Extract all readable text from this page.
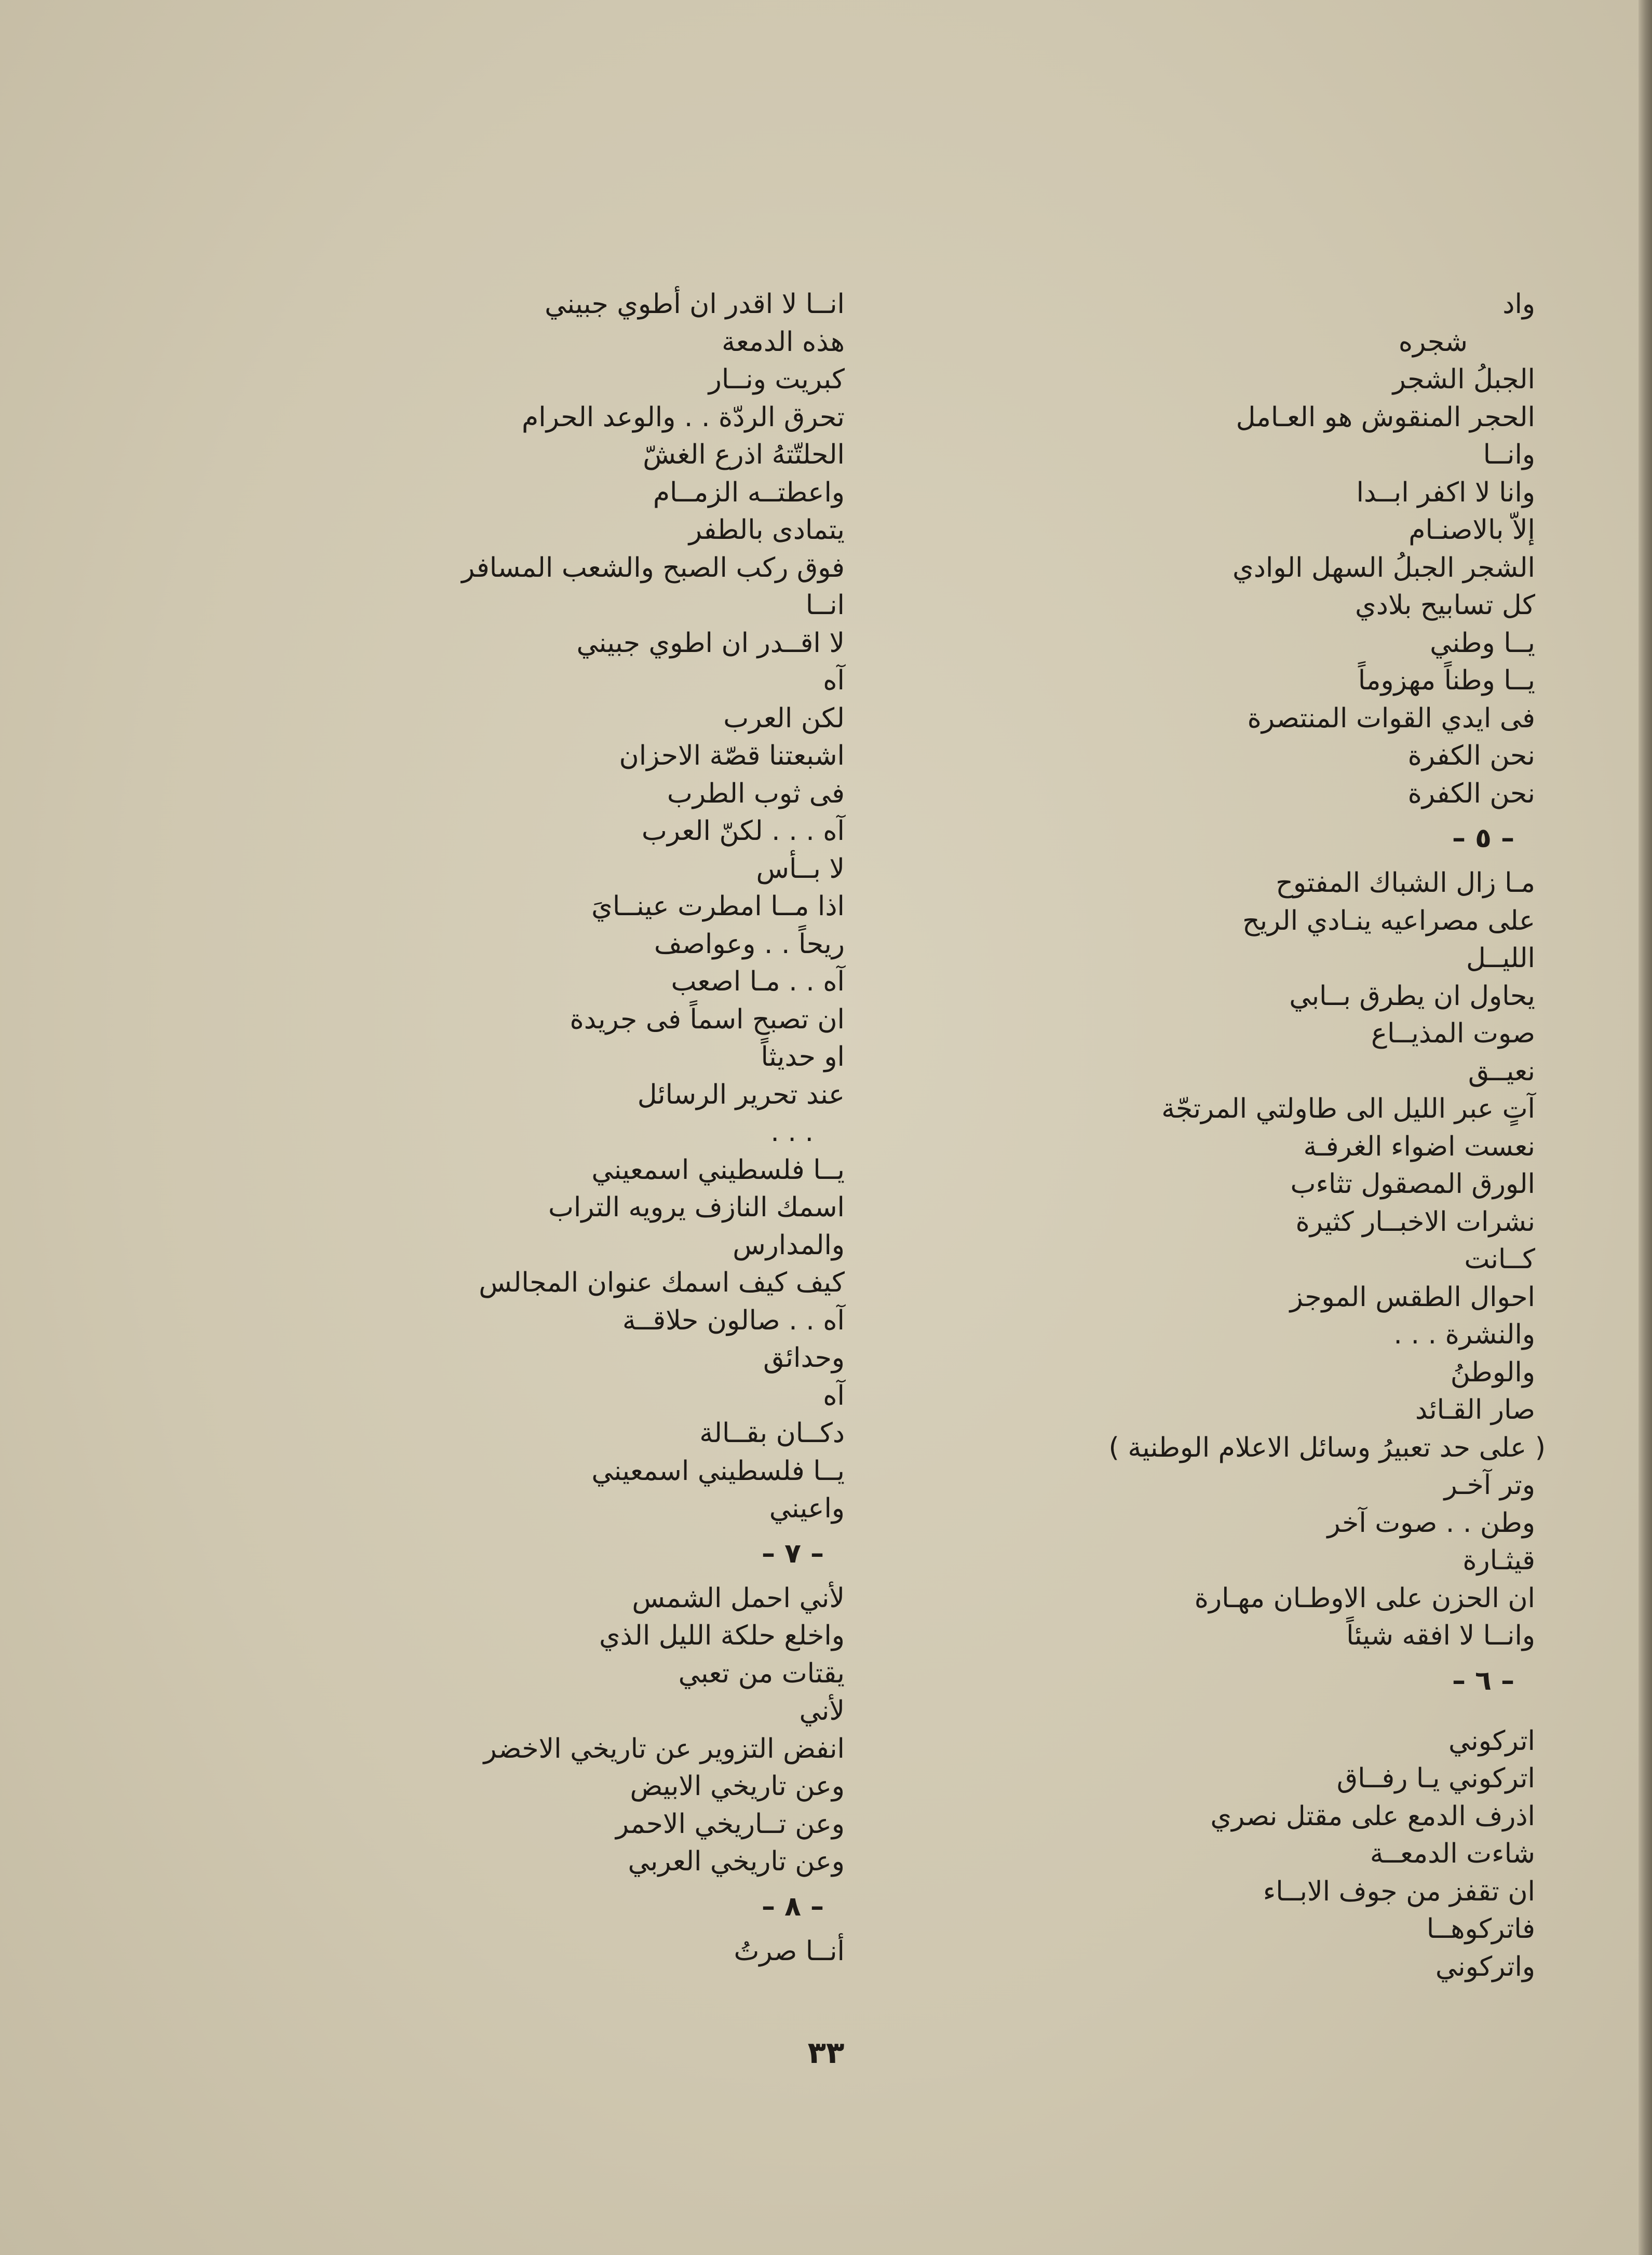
واد
شجره
الجبلُ الشجر
الحجر المنقوش هو العـامل
وانــا
وانا لا اكفر ابــدا
إلاّ بالاصنـام
الشجر الجبلُ السهل الوادي
كل تسابيح بلادي
يــا وطني
يــا وطناً مهزوماً
فى ايدي القوات المنتصرة
نحن الكفرة
نحن الكفرة
– ٥ –
مـا زال الشباك المفتوح
على مصراعيه ينـادي الريح
الليــل
يحاول ان يطرق بــابي
صوت المذيــاع
نعيــق
آتٍ عبر الليل الى طاولتي المرتجّة
نعست اضواء الغرفـة
الورق المصقول تثاءب
نشرات الاخبــار كثيرة
كــانت
احوال الطقس الموجز
والنشرة . . .
والوطنُ
صار القـائد
( على حد تعبيرُ وسائل الاعلام الوطنية )
وتر آخـر
وطن . . صوت آخر
قيثـارة
ان الحزن على الاوطـان مهـارة
وانــا لا افقه شيئاً
– ٦ –
اتركوني
اتركوني يـا رفــاق
اذرف الدمع على مقتل نصري
شاءت الدمعــة
ان تقفز من جوف الابــاء
فاتركوهــا
واتركوني
انــا لا اقدر ان أطوي جبيني
هذه الدمعة
كبريت ونــار
تحرق الردّة . . والوعد الحرام
الحلتّتهُ اذرع الغشّ
واعطتــه الزمــام
يتمادى بالطفر
فوق ركب الصبح والشعب المسافر
انــا
لا اقــدر ان اطوي جبيني
آه
لكن العرب
اشبعتنا قصّة الاحزان
فى ثوب الطرب
آه . . . لكنّ العرب
لا بــأس
اذا مــا امطرت عينــايَ
ريحاً . . وعواصف
آه . . مـا اصعب
ان تصبح اسماً فى جريدة
او حديثاً
عند تحرير الرسائل
. . .
يــا فلسطيني اسمعيني
اسمك النازف يرويه التراب
والمدارس
كيف كيف اسمك عنوان المجالس
آه . . صالون حلاقــة
وحدائق
آه
دكــان بقــالة
يــا فلسطيني اسمعيني
واعيني
– ٧ –
لأني احمل الشمس
واخلع حلكة الليل الذي
يقتات من تعبي
لأني
انفض التزوير عن تاريخي الاخضر
وعن تاريخي الابيض
وعن تــاريخي الاحمر
وعن تاريخي العربي
– ٨ –
أنــا صرتُ
٣٣
